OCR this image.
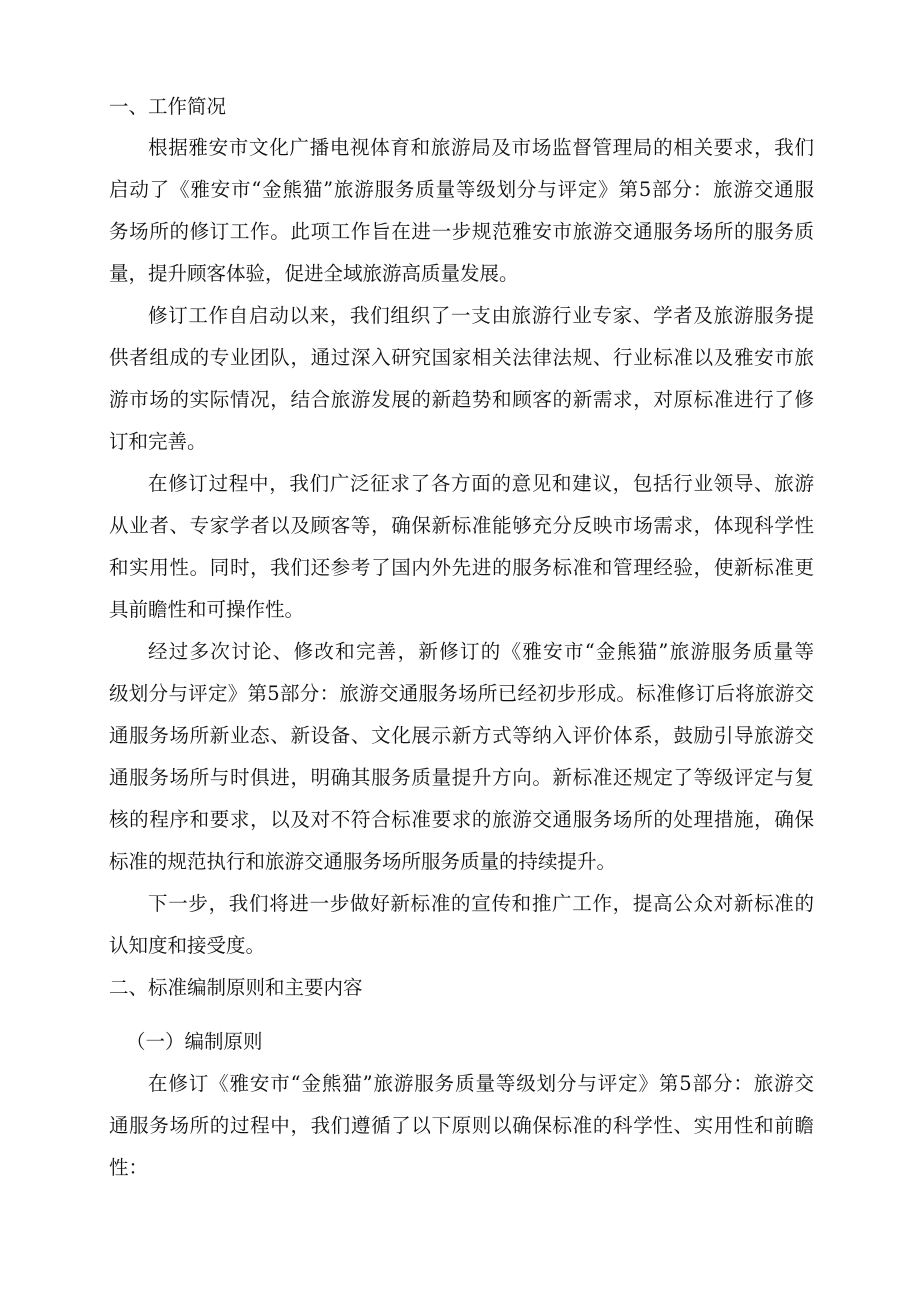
一、工作简况
根据雅安市文化广播电视体育和旅游局及市场监督管理局的相关要求，我们
启动了《雅安市“金熊猫”旅游服务质量等级划分与评定》第5部分：旅游交通服
务场所的修订工作。此项工作旨在进一步规范雅安市旅游交通服务场所的服务质
量，提升顾客体验，促进全域旅游高质量发展。
修订工作自启动以来，我们组织了一支由旅游行业专家、学者及旅游服务提
供者组成的专业团队，通过深入研究国家相关法律法规、行业标准以及雅安市旅
游市场的实际情况，结合旅游发展的新趋势和顾客的新需求，对原标准进行了修
订和完善。
在修订过程中，我们广泛征求了各方面的意见和建议，包括行业领导、旅游
从业者、专家学者以及顾客等，确保新标准能够充分反映市场需求，体现科学性
和实用性。同时，我们还参考了国内外先进的服务标准和管理经验，使新标准更
具前瞻性和可操作性。
经过多次讨论、修改和完善，新修订的《雅安市“金熊猫”旅游服务质量等
级划分与评定》第5部分：旅游交通服务场所已经初步形成。标准修订后将旅游交
通服务场所新业态、新设备、文化展示新方式等纳入评价体系，鼓励引导旅游交
通服务场所与时俱进，明确其服务质量提升方向。新标准还规定了等级评定与复
核的程序和要求，以及对不符合标准要求的旅游交通服务场所的处理措施，确保
标准的规范执行和旅游交通服务场所服务质量的持续提升。
下一步，我们将进一步做好新标准的宣传和推广工作，提高公众对新标准的
认知度和接受度。
二、标准编制原则和主要内容
（一）编制原则
在修订《雅安市“金熊猫”旅游服务质量等级划分与评定》第5部分：旅游交
通服务场所的过程中，我们遵循了以下原则以确保标准的科学性、实用性和前瞻
性：
